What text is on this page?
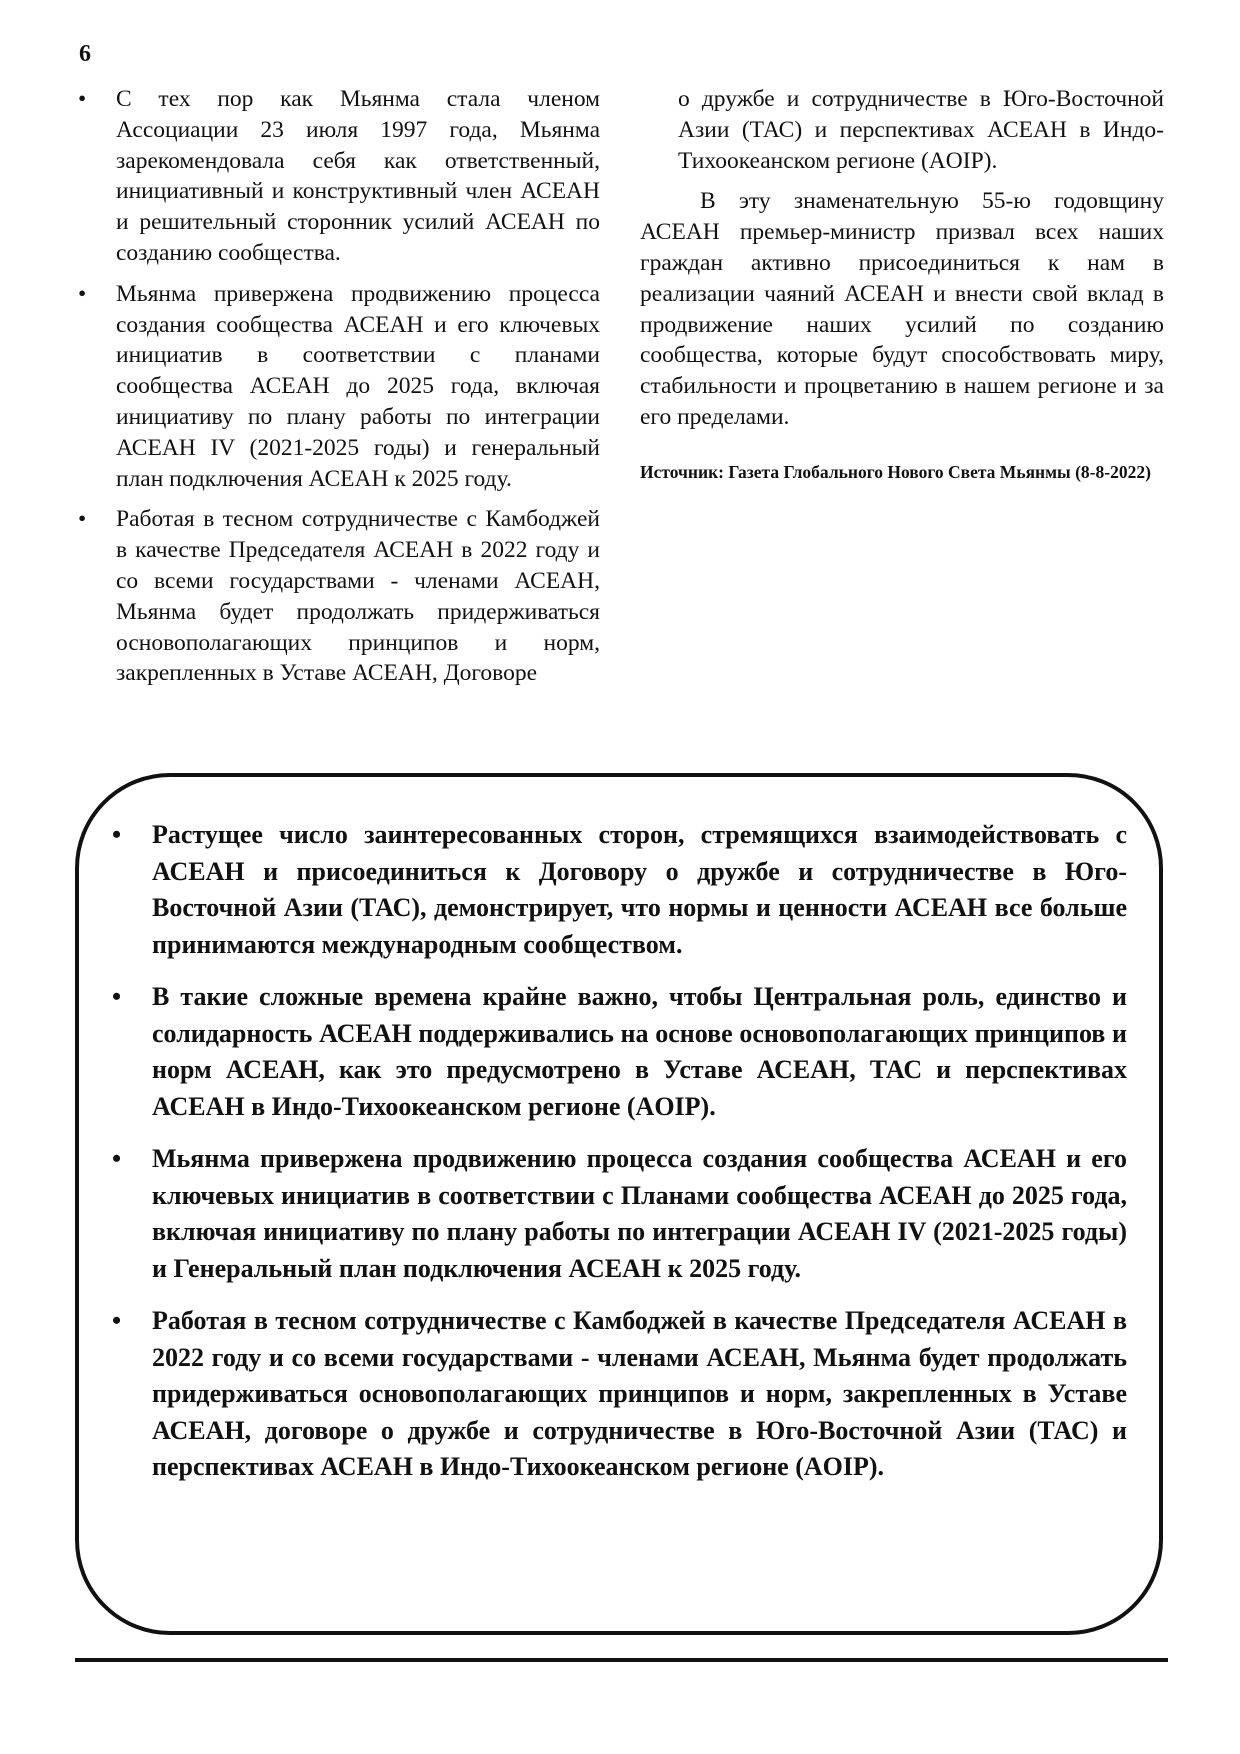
6
• С тех пор как Мьянма стала членом Ассоциации 23 июля 1997 года, Мьянма зарекомендовала себя как ответственный, инициативный и конструктивный член АСЕАН и решительный сторонник усилий АСЕАН по созданию сообщества.
• Мьянма привержена продвижению процесса создания сообщества АСЕАН и его ключевых инициатив в соответствии с планами сообщества АСЕАН до 2025 года, включая инициативу по плану работы по интеграции АСЕАН IV (2021-2025 годы) и генеральный план подключения АСЕАН к 2025 году.
• Работая в тесном сотрудничестве с Камбоджей в качестве Председателя АСЕАН в 2022 году и со всеми государствами - членами АСЕАН, Мьянма будет продолжать придерживаться основополагающих принципов и норм, закрепленных в Уставе АСЕАН, Договоре

о дружбе и сотрудничестве в Юго-Восточной Азии (ТАС) и перспективах АСЕАН в Индо-Тихоокеанском регионе (AOIP).

В эту знаменательную 55-ю годовщину АСЕАН премьер-министр призвал всех наших граждан активно присоединиться к нам в реализации чаяний АСЕАН и внести свой вклад в продвижение наших усилий по созданию сообщества, которые будут способствовать миру, стабильности и процветанию в нашем регионе и за его пределами.

Источник: Газета Глобального Нового Света Мьянмы (8-8-2022)

• Растущее число заинтересованных сторон, стремящихся взаимодействовать с АСЕАН и присоединиться к Договору о дружбе и сотрудничестве в Юго-Восточной Азии (ТАС), демонстрирует, что нормы и ценности АСЕАН все больше принимаются международным сообществом.
• В такие сложные времена крайне важно, чтобы Центральная роль, единство и солидарность АСЕАН поддерживались на основе основополагающих принципов и норм АСЕАН, как это предусмотрено в Уставе АСЕАН, ТАС и перспективах АСЕАН в Индо-Тихоокеанском регионе (AOIP).
• Мьянма привержена продвижению процесса создания сообщества АСЕАН и его ключевых инициатив в соответствии с Планами сообщества АСЕАН до 2025 года, включая инициативу по плану работы по интеграции АСЕАН IV (2021-2025 годы) и Генеральный план подключения АСЕАН к 2025 году.
• Работая в тесном сотрудничестве с Камбоджей в качестве Председателя АСЕАН в 2022 году и со всеми государствами - членами АСЕАН, Мьянма будет продолжать придерживаться основополагающих принципов и норм, закрепленных в Уставе АСЕАН, договоре о дружбе и сотрудничестве в Юго-Восточной Азии (ТАС) и перспективах АСЕАН в Индо-Тихоокеанском регионе (AOIP).
